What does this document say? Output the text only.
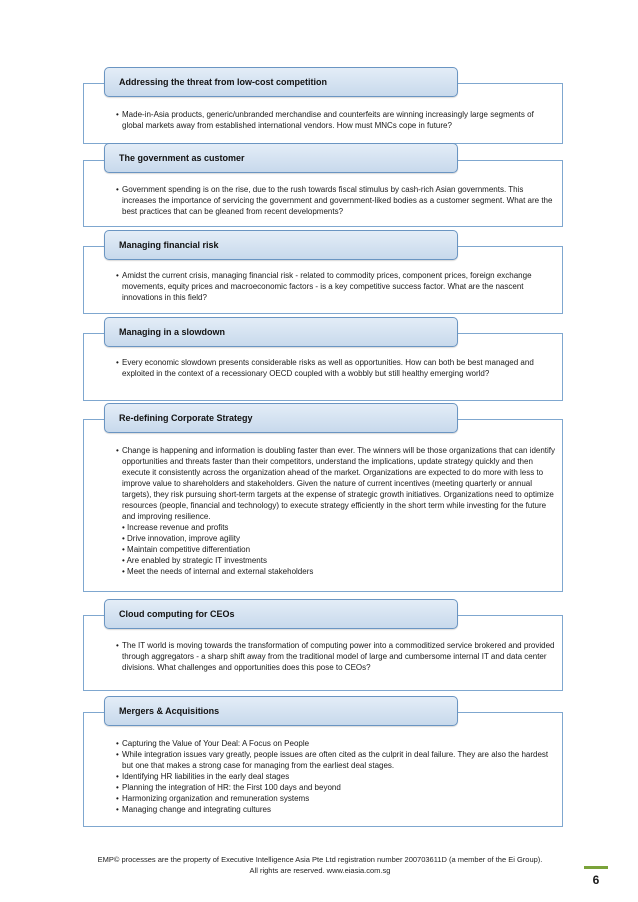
Addressing the threat from low-cost competition
• Made-in-Asia products, generic/unbranded merchandise and counterfeits are winning increasingly large segments of global markets away from established international vendors. How must MNCs cope in future?
The government as customer
• Government spending is on the rise, due to the rush towards fiscal stimulus by cash-rich Asian governments. This increases the importance of servicing the government and government-liked bodies as a customer segment. What are the best practices that can be gleaned from recent developments?
Managing financial risk
• Amidst the current crisis, managing financial risk - related to commodity prices, component prices, foreign exchange movements, equity prices and macroeconomic factors - is a key competitive success factor. What are the nascent innovations in this field?
Managing in a slowdown
• Every economic slowdown presents considerable risks as well as opportunities. How can both be best managed and exploited in the context of a recessionary OECD coupled with a wobbly but still healthy emerging world?
Re-defining Corporate Strategy
• Change is happening and information is doubling faster than ever. The winners will be those organizations that can identify opportunities and threats faster than their competitors, understand the implications, update strategy quickly and then execute it consistently across the organization ahead of the market. Organizations are expected to do more with less to improve value to shareholders and stakeholders. Given the nature of current incentives (meeting quarterly or annual targets), they risk pursuing short-term targets at the expense of strategic growth initiatives. Organizations need to optimize resources (people, financial and technology) to execute strategy efficiently in the short term while investing for the future and improving resilience.
• Increase revenue and profits
• Drive innovation, improve agility
• Maintain competitive differentiation
• Are enabled by strategic IT investments
• Meet the needs of internal and external stakeholders
Cloud computing for CEOs
• The IT world is moving towards the transformation of computing power into a commoditized service brokered and provided through aggregators - a sharp shift away from the traditional model of large and cumbersome internal IT and data center divisions. What challenges and opportunities does this pose to CEOs?
Mergers & Acquisitions
• Capturing the Value of Your Deal: A Focus on People
• While integration issues vary greatly, people issues are often cited as the culprit in deal failure. They are also the hardest but one that makes a strong case for managing from the earliest deal stages.
• Identifying HR liabilities in the early deal stages
• Planning the integration of HR: the First 100 days and beyond
• Harmonizing organization and remuneration systems
• Managing change and integrating cultures
EMP© processes are the property of Executive Intelligence Asia Pte Ltd registration number 200703611D (a member of the Ei Group).
All rights are reserved. www.eiasia.com.sg
6
